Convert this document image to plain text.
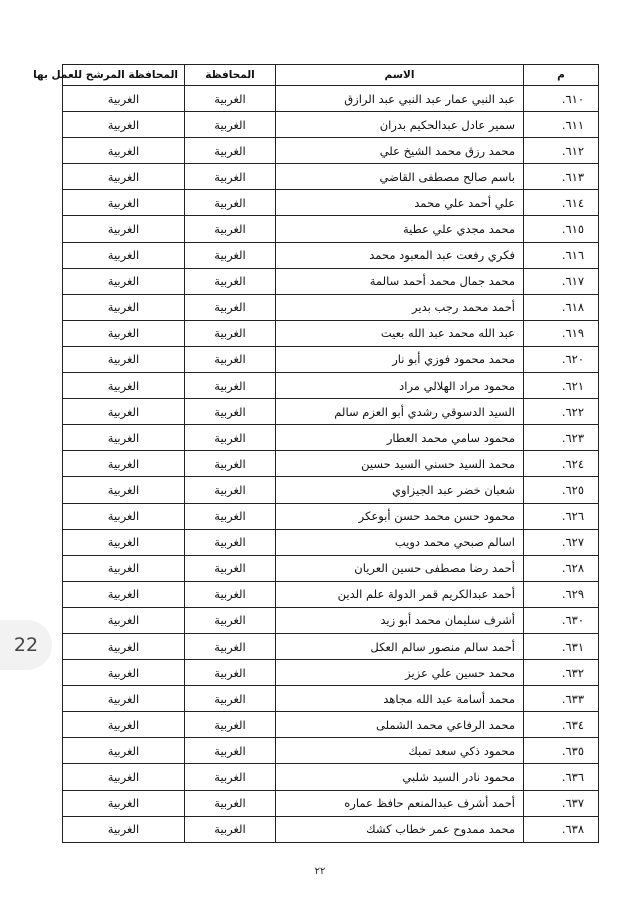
م	الاسم	المحافظة	المحافظة المرشح للعمل بها
٦١٠.	عبد النبي عمار عبد النبي عبد الرازق	الغربية	الغربية
٦١١.	سمير عادل عبدالحكيم بدران	الغربية	الغربية
٦١٢.	محمد رزق محمد الشيخ علي	الغربية	الغربية
٦١٣.	باسم صالح مصطفى القاضي	الغربية	الغربية
٦١٤.	علي أحمد علي محمد	الغربية	الغربية
٦١٥.	محمد مجدي علي عطية	الغربية	الغربية
٦١٦.	فكري رفعت عبد المعبود محمد	الغربية	الغربية
٦١٧.	محمد جمال محمد أحمد سالمة	الغربية	الغربية
٦١٨.	أحمد محمد رجب بدير	الغربية	الغربية
٦١٩.	عبد الله محمد عبد الله بعيت	الغربية	الغربية
٦٢٠.	محمد محمود فوزي أبو نار	الغربية	الغربية
٦٢١.	محمود مراد الهلالي مراد	الغربية	الغربية
٦٢٢.	السيد الدسوقي رشدي أبو العزم سالم	الغربية	الغربية
٦٢٣.	محمود سامي محمد العطار	الغربية	الغربية
٦٢٤.	محمد السيد حسني السيد حسين	الغربية	الغربية
٦٢٥.	شعبان خضر عبد الجيزاوي	الغربية	الغربية
٦٢٦.	محمود حسن محمد حسن أبوعكر	الغربية	الغربية
٦٢٧.	اسالم صبحي محمد دويب	الغربية	الغربية
٦٢٨.	أحمد رضا مصطفى حسين العريان	الغربية	الغربية
٦٢٩.	أحمد عبدالكريم قمر الدولة علم الدين	الغربية	الغربية
٦٣٠.	أشرف سليمان محمد أبو زيد	الغربية	الغربية
٦٣١.	أحمد سالم منصور سالم العكل	الغربية	الغربية
٦٣٢.	محمد حسين علي عزيز	الغربية	الغربية
٦٣٣.	محمد أسامة عبد الله مجاهد	الغربية	الغربية
٦٣٤.	محمد الرفاعي محمد الشملى	الغربية	الغربية
٦٣٥.	محمود ذكي سعد تمبك	الغربية	الغربية
٦٣٦.	محمود نادر السيد شلبي	الغربية	الغربية
٦٣٧.	أحمد أشرف عبدالمنعم حافظ عماره	الغربية	الغربية
٦٣٨.	محمد ممدوح عمر خطاب كشك	الغربية	الغربية
22
٢٢
